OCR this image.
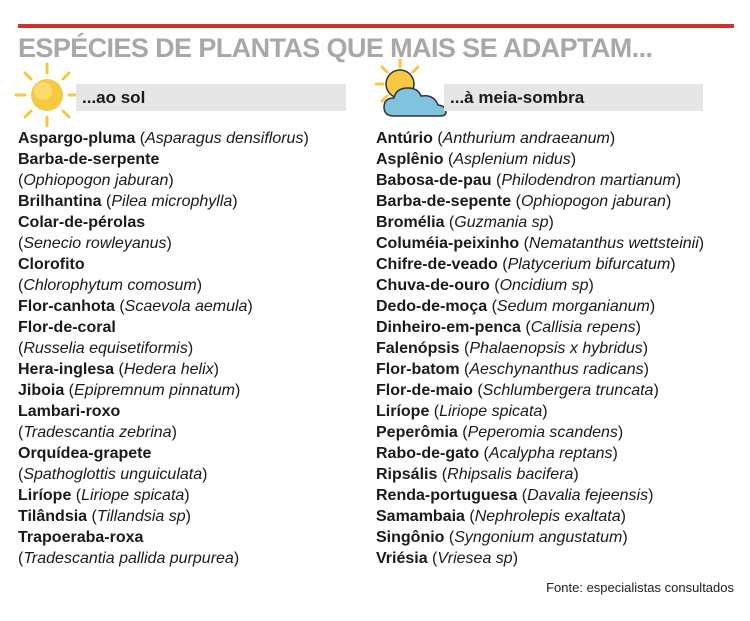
ESPÉCIES DE PLANTAS QUE MAIS SE ADAPTAM...
...ao sol	...à meia-sombra
Aspargo-pluma (Asparagus densiflorus)
Barba-de-serpente
(Ophiopogon jaburan)
Brilhantina (Pilea microphylla)
Colar-de-pérolas
(Senecio rowleyanus)
Clorofito
(Chlorophytum comosum)
Flor-canhota (Scaevola aemula)
Flor-de-coral
(Russelia equisetiformis)
Hera-inglesa (Hedera helix)
Jiboia (Epipremnum pinnatum)
Lambari-roxo
(Tradescantia zebrina)
Orquídea-grapete
(Spathoglottis unguiculata)
Liríope (Liriope spicata)
Tilândsia (Tillandsia sp)
Trapoeraba-roxa
(Tradescantia pallida purpurea)
Antúrio (Anthurium andraeanum)
Asplênio (Asplenium nidus)
Babosa-de-pau (Philodendron martianum)
Barba-de-sepente (Ophiopogon jaburan)
Bromélia (Guzmania sp)
Columéia-peixinho (Nematanthus wettsteinii)
Chifre-de-veado (Platycerium bifurcatum)
Chuva-de-ouro (Oncidium sp)
Dedo-de-moça (Sedum morganianum)
Dinheiro-em-penca (Callisia repens)
Falenópsis (Phalaenopsis x hybridus)
Flor-batom (Aeschynanthus radicans)
Flor-de-maio (Schlumbergera truncata)
Liríope (Liriope spicata)
Peperômia (Peperomia scandens)
Rabo-de-gato (Acalypha reptans)
Ripsális (Rhipsalis bacifera)
Renda-portuguesa (Davalia fejeensis)
Samambaia (Nephrolepis exaltata)
Singônio (Syngonium angustatum)
Vriésia (Vriesea sp)
Fonte: especialistas consultados
